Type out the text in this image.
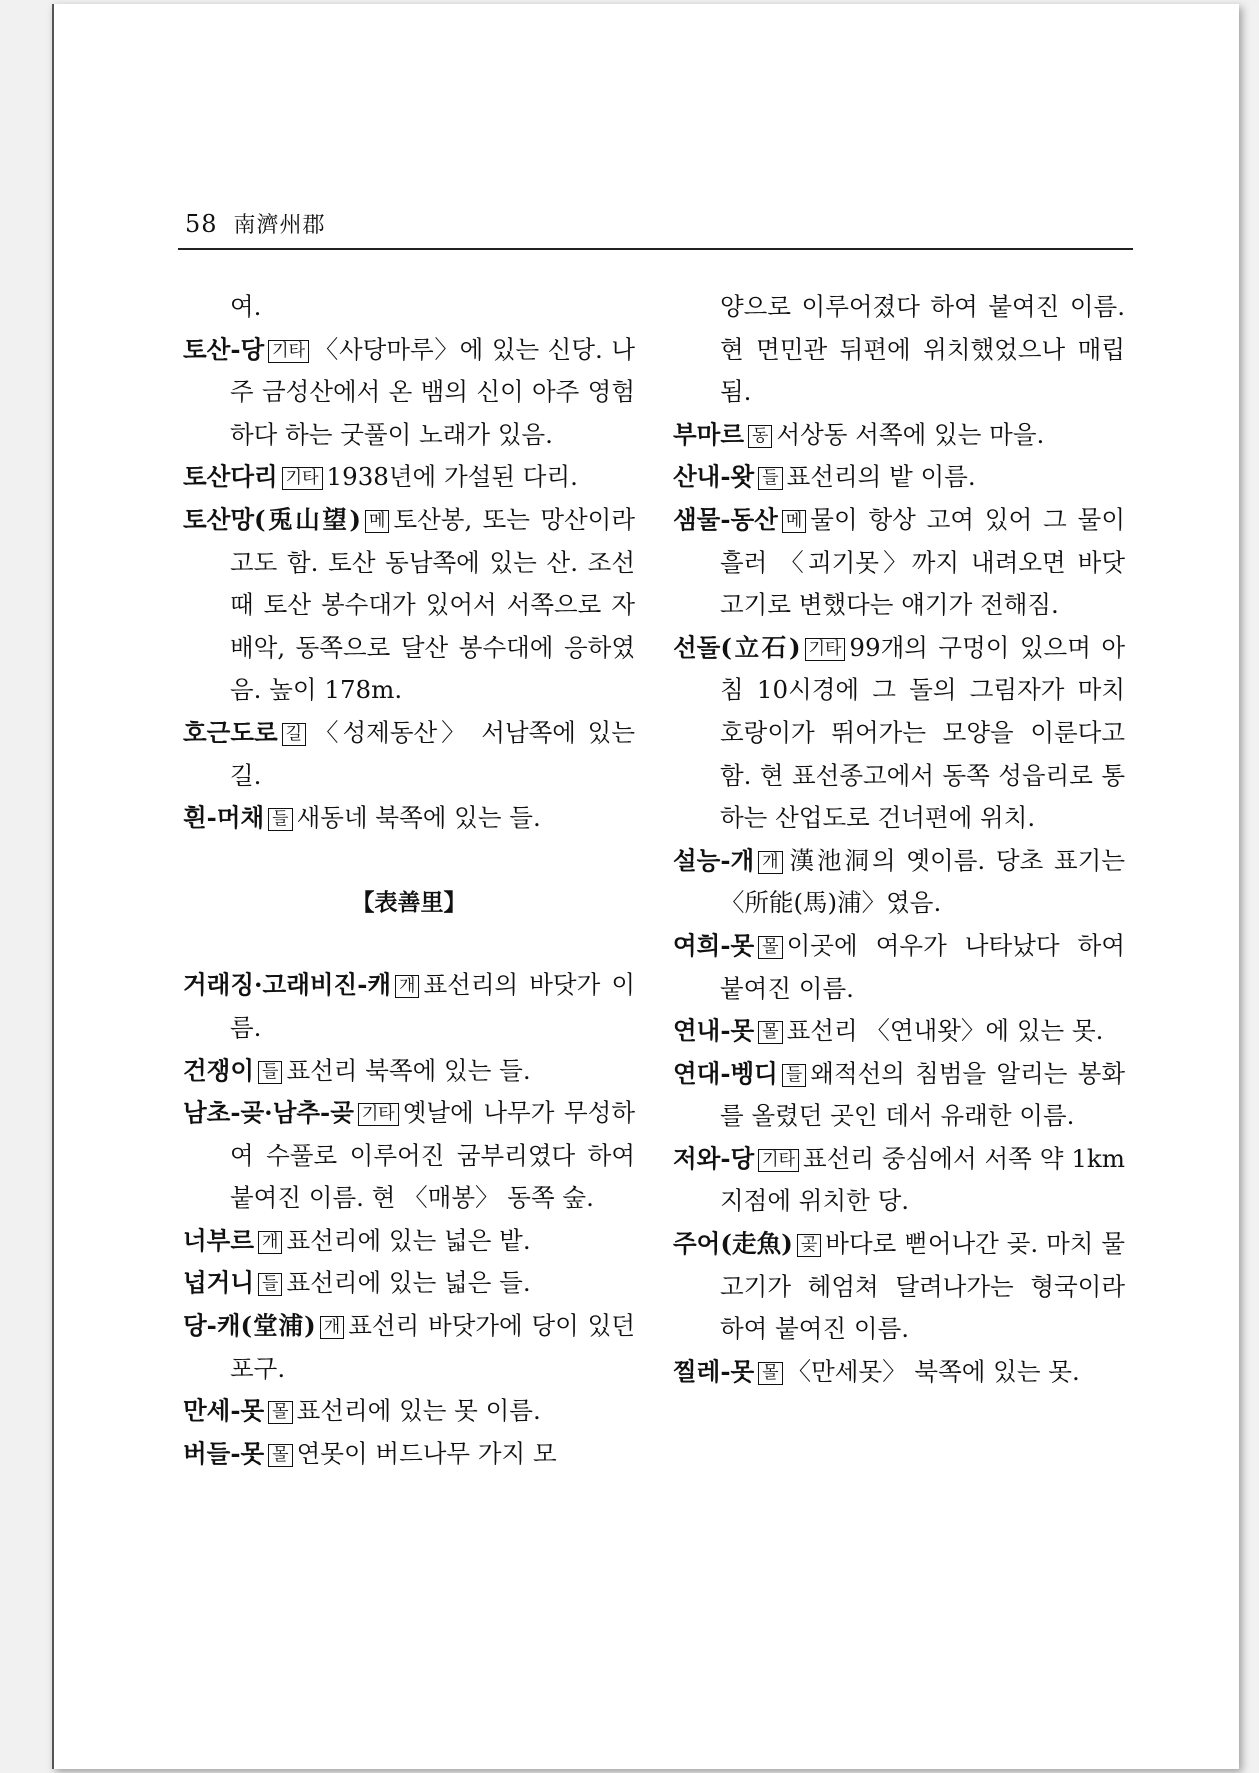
58 南濟州郡

여.

토산-당 기타 〈사당마루〉에 있는 신당. 나주 금성산에서 온 뱀의 신이 아주 영험하다 하는 굿풀이 노래가 있음.

토산다리 기타 1938년에 가설된 다리.

토산망(兎山望) 메 토산봉, 또는 망산이라고도 함. 토산 동남쪽에 있는 산. 조선 때 토산 봉수대가 있어서 서쪽으로 자배악, 동쪽으로 달산 봉수대에 응하였음. 높이 178m.

호근도로 길 〈성제동산〉 서남쪽에 있는 길.

흰-머채 들 새동네 북쪽에 있는 들.

【表善里】

거래징·고래비진-캐 개 표선리의 바닷가 이름.

건쟁이 들 표선리 북쪽에 있는 들.

남초-곶·남추-곶 기타 옛날에 나무가 무성하여 수풀로 이루어진 굼부리였다 하여 붙여진 이름. 현 〈매봉〉 동쪽 숲.

너부르 개 표선리에 있는 넓은 밭.

넙거니 들 표선리에 있는 넓은 들.

당-캐(堂浦) 개 표선리 바닷가에 당이 있던 포구.

만세-못 몰 표선리에 있는 못 이름.

버들-못 몰 연못이 버드나무 가지 모

양으로 이루어졌다 하여 붙여진 이름. 현 면민관 뒤편에 위치했었으나 매립됨.

부마르 동 서상동 서쪽에 있는 마을.

산내-왓 들 표선리의 밭 이름.

샘물-동산 메 물이 항상 고여 있어 그 물이 흘러 〈괴기못〉까지 내려오면 바닷 고기로 변했다는 얘기가 전해짐.

선돌(立石) 기타 99개의 구멍이 있으며 아침 10시경에 그 돌의 그림자가 마치 호랑이가 뛰어가는 모양을 이룬다고 함. 현 표선종고에서 동쪽 성읍리로 통하는 산업도로 건너편에 위치.

설능-개 개 漢池洞의 옛이름. 당초 표기는 〈所能(馬)浦〉였음.

여희-못 몰 이곳에 여우가 나타났다 하여 붙여진 이름.

연내-못 몰 표선리 〈연내왓〉에 있는 못.

연대-벵디 들 왜적선의 침범을 알리는 봉화를 올렸던 곳인 데서 유래한 이름.

저와-당 기타 표선리 중심에서 서쪽 약 1km 지점에 위치한 당.

주어(走魚) 곶 바다로 뻗어나간 곶. 마치 물고기가 헤엄쳐 달려나가는 형국이라 하여 붙여진 이름.

찔레-못 몰 〈만세못〉 북쪽에 있는 못.
